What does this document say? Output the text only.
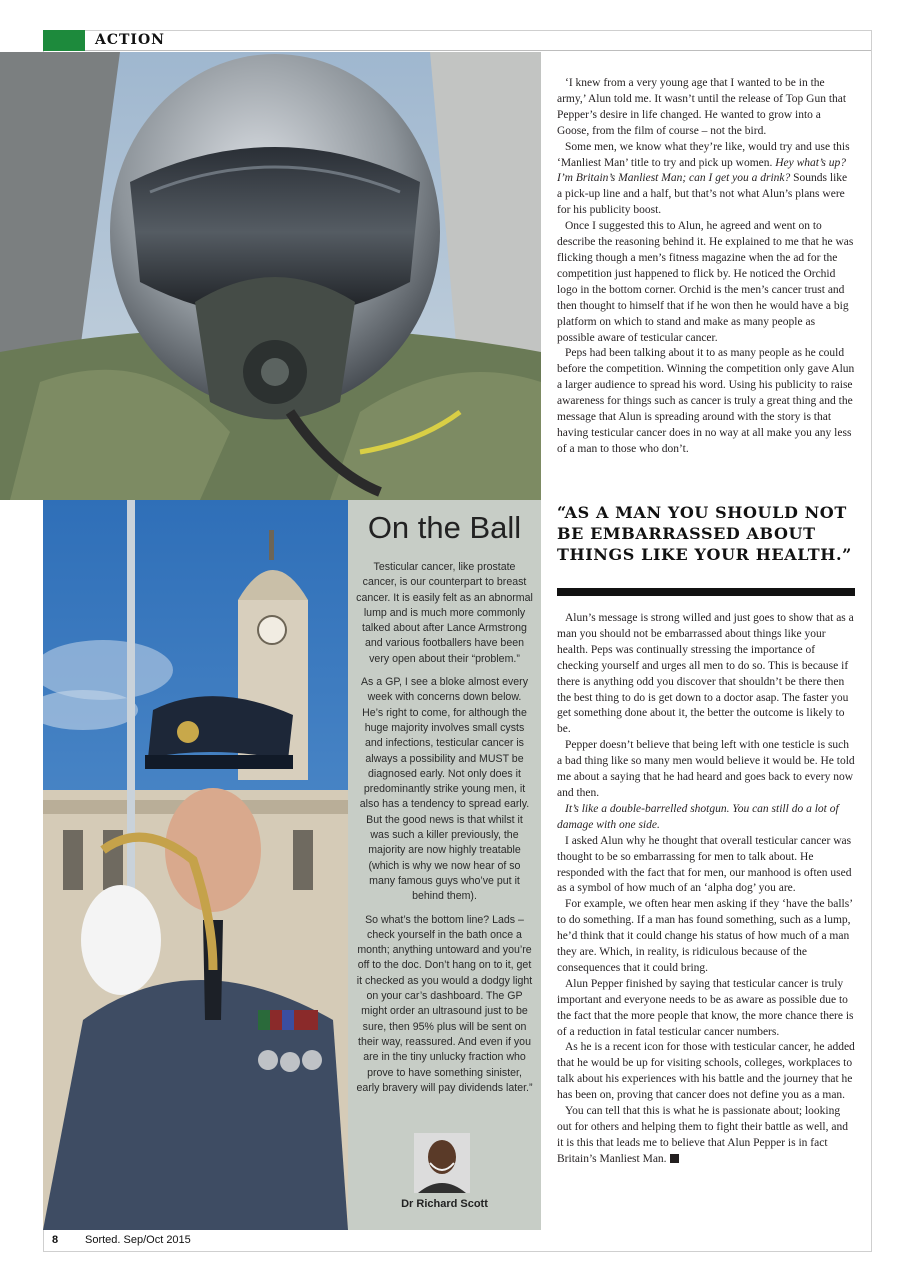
ACTION
On the Ball

Testicular cancer, like prostate cancer, is our counterpart to breast cancer. It is easily felt as an abnormal lump and is much more commonly talked about after Lance Armstrong and various footballers have been very open about their “problem.”

As a GP, I see a bloke almost every week with concerns down below. He’s right to come, for although the huge majority involves small cysts and infections, testicular cancer is always a possibility and MUST be diagnosed early. Not only does it predominantly strike young men, it also has a tendency to spread early. But the good news is that whilst it was such a killer previously, the majority are now highly treatable (which is why we now hear of so many famous guys who’ve put it behind them).

So what’s the bottom line? Lads – check yourself in the bath once a month; anything untoward and you’re off to the doc. Don’t hang on to it, get it checked as you would a dodgy light on your car’s dashboard. The GP might order an ultrasound just to be sure, then 95% plus will be sent on their way, reassured. And even if you are in the tiny unlucky fraction who prove to have something sinister, early bravery will pay dividends later.”

Dr Richard Scott

‘I knew from a very young age that I wanted to be in the army,’ Alun told me. It wasn’t until the release of Top Gun that Pepper’s desire in life changed. He wanted to grow into a Goose, from the film of course – not the bird.

Some men, we know what they’re like, would try and use this ‘Manliest Man’ title to try and pick up women. Hey what’s up? I’m Britain’s Manliest Man; can I get you a drink? Sounds like a pick-up line and a half, but that’s not what Alun’s plans were for his publicity boost.

Once I suggested this to Alun, he agreed and went on to describe the reasoning behind it. He explained to me that he was flicking though a men’s fitness magazine when the ad for the competition just happened to flick by. He noticed the Orchid logo in the bottom corner. Orchid is the men’s cancer trust and then thought to himself that if he won then he would have a big platform on which to stand and make as many people as possible aware of testicular cancer.

Peps had been talking about it to as many people as he could before the competition. Winning the competition only gave Alun a larger audience to spread his word. Using his publicity to raise awareness for things such as cancer is truly a great thing and the message that Alun is spreading around with the story is that having testicular cancer does in no way at all make you any less of a man to those who don’t.

“AS A MAN YOU SHOULD NOT BE EMBARRASSED ABOUT THINGS LIKE YOUR HEALTH.”

Alun’s message is strong willed and just goes to show that as a man you should not be embarrassed about things like your health. Peps was continually stressing the importance of checking yourself and urges all men to do so. This is because if there is anything odd you discover that shouldn’t be there then the best thing to do is get down to a doctor asap. The faster you get something done about it, the better the outcome is likely to be.

Pepper doesn’t believe that being left with one testicle is such a bad thing like so many men would believe it would be. He told me about a saying that he had heard and goes back to every now and then.

It’s like a double-barrelled shotgun. You can still do a lot of damage with one side.

I asked Alun why he thought that overall testicular cancer was thought to be so embarrassing for men to talk about. He responded with the fact that for men, our manhood is often used as a symbol of how much of an ‘alpha dog’ you are.

For example, we often hear men asking if they ‘have the balls’ to do something. If a man has found something, such as a lump, he’d think that it could change his status of how much of a man they are. Which, in reality, is ridiculous because of the consequences that it could bring.

Alun Pepper finished by saying that testicular cancer is truly important and everyone needs to be as aware as possible due to the fact that the more people that know, the more chance there is of a reduction in fatal testicular cancer numbers.

As he is a recent icon for those with testicular cancer, he added that he would be up for visiting schools, colleges, workplaces to talk about his experiences with his battle and the journey that he has been on, proving that cancer does not define you as a man.

You can tell that this is what he is passionate about; looking out for others and helping them to fight their battle as well, and it is this that leads me to believe that Alun Pepper is in fact Britain’s Manliest Man.

8 Sorted. Sep/Oct 2015
